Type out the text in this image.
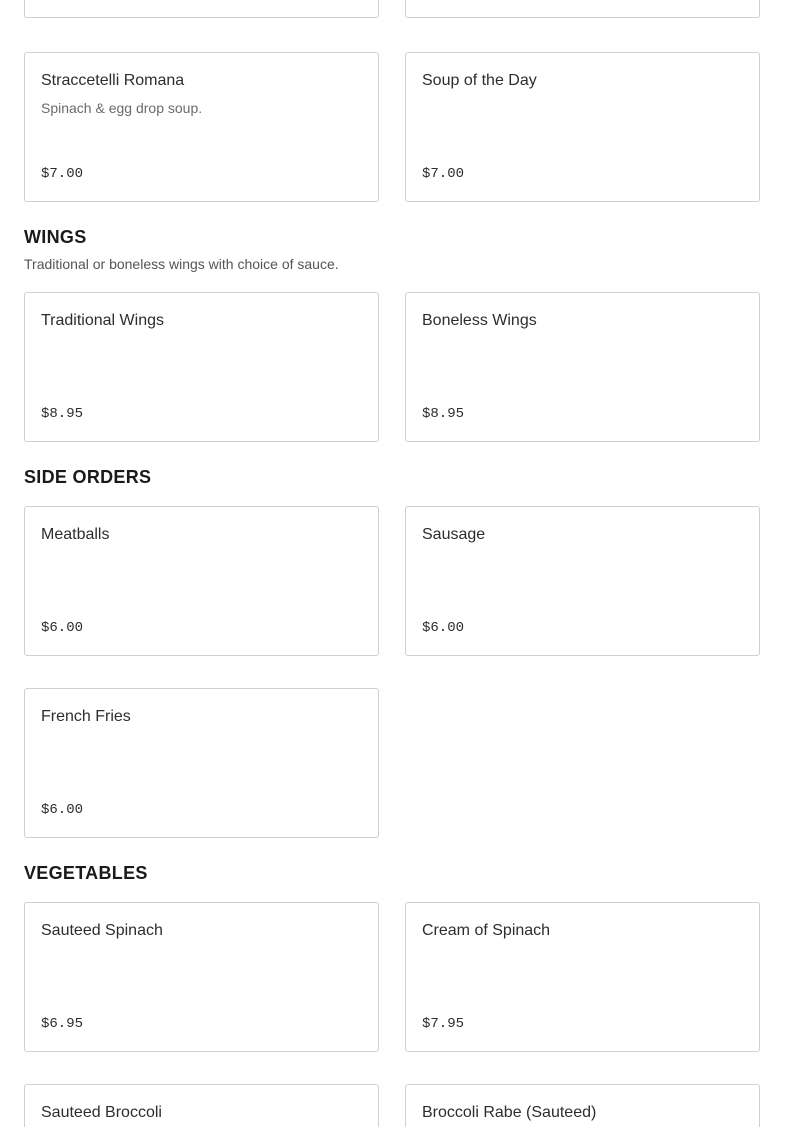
Straccetelli Romana
Spinach & egg drop soup.
$7.00
Soup of the Day
$7.00
WINGS

Traditional or boneless wings with choice of sauce.

Traditional Wings
$8.95
Boneless Wings
$8.95
SIDE ORDERS
Meatballs
$6.00
Sausage
$6.00
French Fries
$6.00
VEGETABLES
Sauteed Spinach
$6.95
Cream of Spinach
$7.95
Sauteed Broccoli	Broccoli Rabe (Sauteed)
